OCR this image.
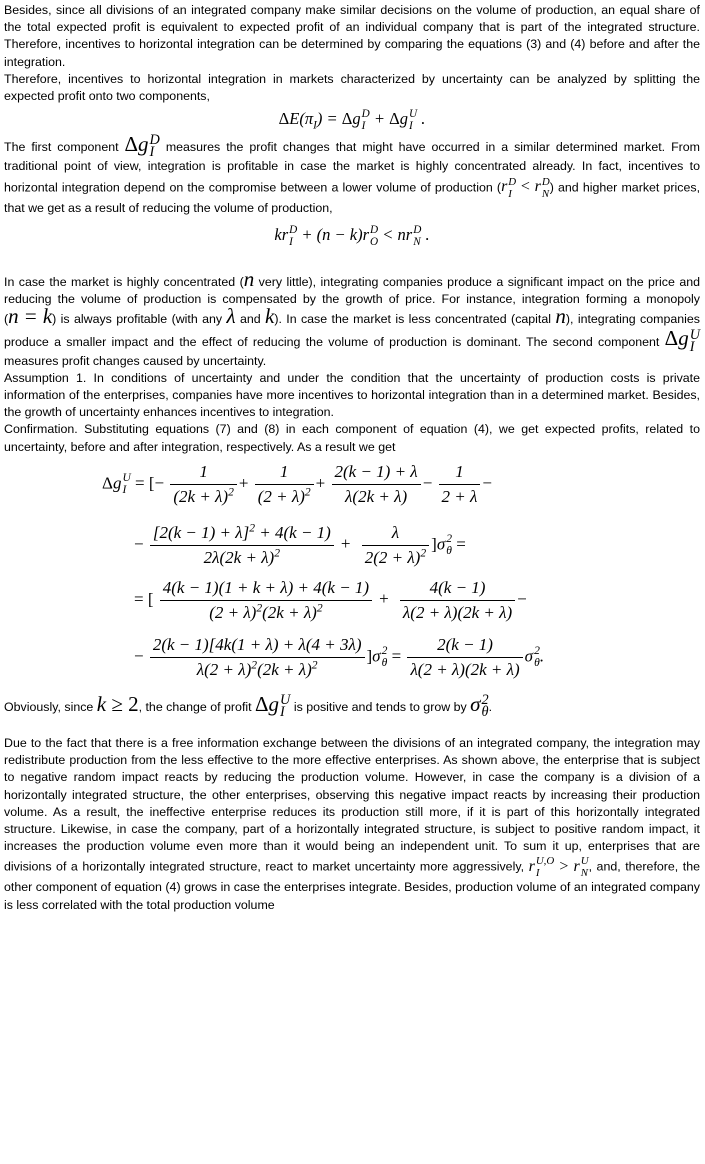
Besides, since all divisions of an integrated company make similar decisions on the volume of production, an equal share of the total expected profit is equivalent to expected profit of an individual company that is part of the integrated structure. Therefore, incentives to horizontal integration can be determined by comparing the equations (3) and (4) before and after the integration.

Therefore, incentives to horizontal integration in markets characterized by uncertainty can be analyzed by splitting the expected profit onto two components,

$\Delta E(\pi_I) = \Delta g$ D
I + Δg U
I .

The first component Δg D
I measures the profit changes that might have occurred in a similar determined market. From traditional point of view, integration is profitable in case the market is highly concentrated already. In fact, incentives to horizontal integration depend on the compromise between a lower volume of production (r D
I < r D
N ) and higher market prices, that we get as a result of reducing the volume of production,

kr D
I + (n − k)r D
O < nr D
N .

In case the market is highly concentrated (n very little), integrating companies produce a significant impact on the price and reducing the volume of production is compensated by the growth of price. For instance, integration forming a monopoly (n = k) is always profitable (with any λ and k). In case the market is less concentrated (capital n), integrating companies produce a smaller impact and the effect of reducing the volume of production is dominant. The second component Δg U
I
measures profit changes caused by uncertainty.

Assumption 1. In conditions of uncertainty and under the condition that the uncertainty of production costs is private information of the enterprises, companies have more incentives to horizontal integration than in a determined market. Besides, the growth of uncertainty enhances incentives to integration.

Confirmation. Substituting equations (7) and (8) in each component of equation (4), we get expected profits, related to uncertainty, before and after integration, respectively. As a result we get

Δg U
I = [− $\frac{1}{(2k + \lambda)^2} + \frac{1}{(2 + \lambda)^2} + \frac{2(k - 1) + \lambda}{\lambda(2k + \lambda)} - \frac{1}{2 + \lambda}$ −
− $\frac{[2(k - 1) + \lambda]^2 + 4(k - 1)}{2\lambda(2k + \lambda)^2} + \frac{\lambda}{2(2 + \lambda)^2} ]\sigma$ 2
θ =
= [ $\frac{4(k - 1)(1 + k + \lambda) + 4(k - 1)}{(2 + \lambda)^2(2k + \lambda)^2} + \frac{4(k - 1)}{\lambda(2 + \lambda)(2k + \lambda)}$ −
− $\frac{2(k - 1)[4k(1 + \lambda) + \lambda(4 + 3\lambda)}{\lambda(2 + \lambda)^2(2k + \lambda)^2} ]\sigma$ 2
$\theta = \frac{2(k - 1)}{\lambda(2 + \lambda)(2k + \lambda)}$ σ 2
θ .

Obviously, since k ≥ 2, the change of profit Δg U
I is positive and tends to grow by σ 2
θ .

Due to the fact that there is a free information exchange between the divisions of an integrated company, the integration may redistribute production from the less effective to the more effective enterprises. As shown above, the enterprise that is subject to negative random impact reacts by reducing the production volume. However, in case the company is a division of a horizontally integrated structure, the other enterprises, observing this negative impact reacts by increasing their production volume. As a result, the ineffective enterprise reduces its production still more, if it is part of this horizontally integrated structure. Likewise, in case the company, part of a horizontally integrated structure, is subject to positive random impact, it increases the production volume even more than it would being an independent unit. To sum it up, enterprises that are divisions of a horizontally integrated structure, react to market uncertainty more aggressively, r U,O
I	> r U
N , and, therefore, the other component of equation (4) grows in case the enterprises integrate. Besides, production volume of an integrated company is less correlated with the total production volume
